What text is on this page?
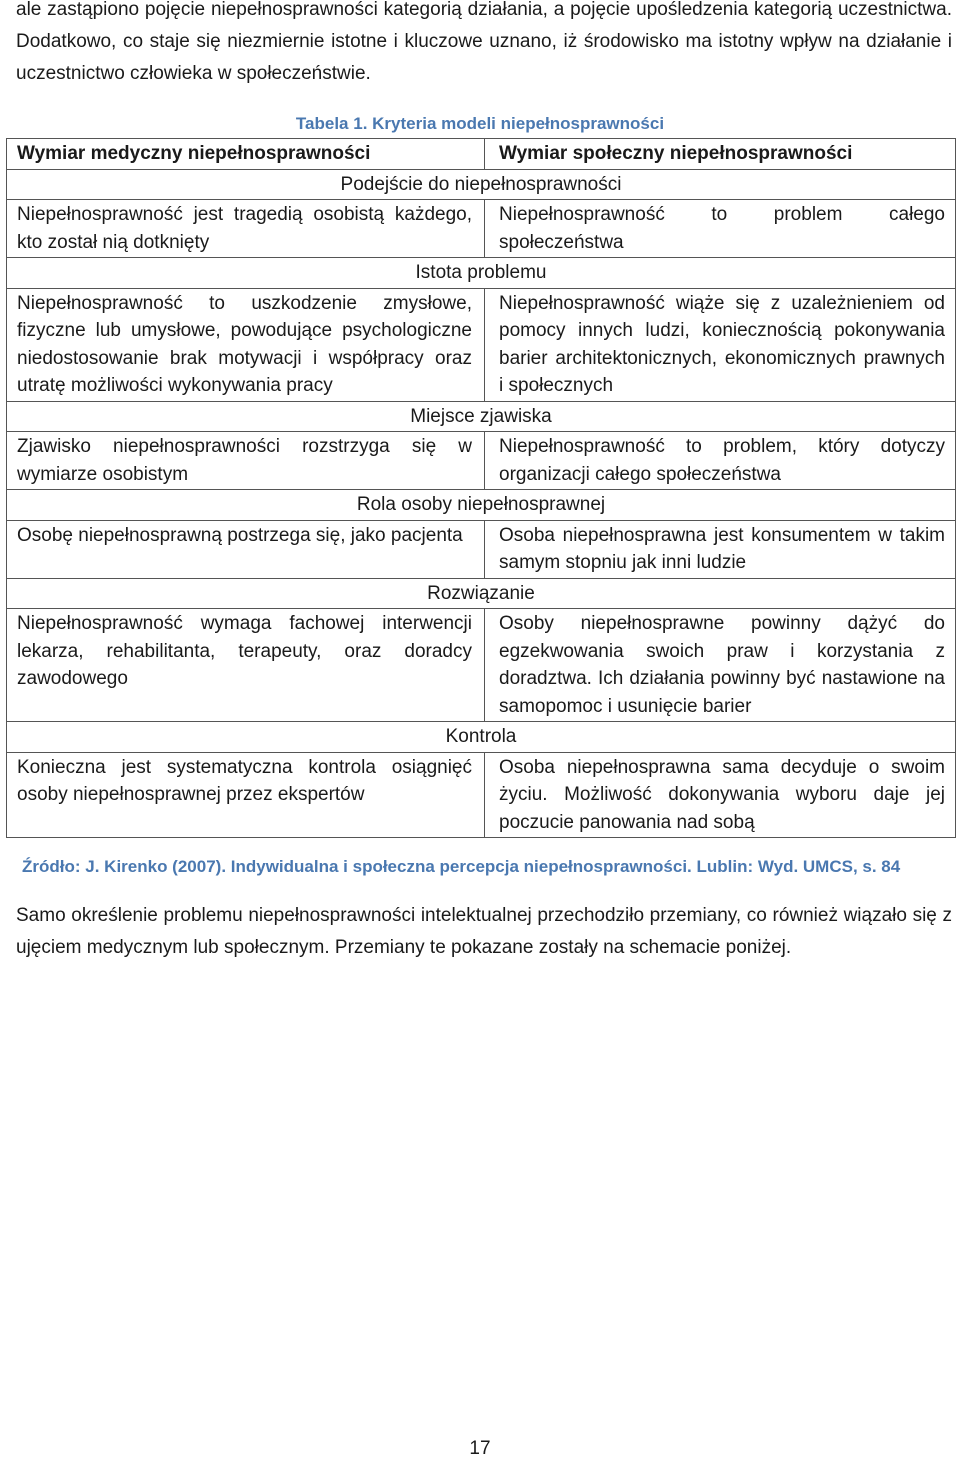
ale zastąpiono pojęcie niepełnosprawności kategorią działania, a pojęcie upośledzenia kategorią uczestnictwa. Dodatkowo, co staje się niezmiernie istotne i kluczowe uznano, iż środowisko ma istotny wpływ na działanie i uczestnictwo człowieka w społeczeństwie.

Tabela 1. Kryteria modeli niepełnosprawności

Wymiar medyczny niepełnosprawności	Wymiar społeczny niepełnosprawności
Podejście do niepełnosprawności	
Niepełnosprawność jest tragedią osobistą każdego, kto został nią dotknięty	Niepełnosprawność to problem całego społeczeństwa
Istota problemu	
Niepełnosprawność to uszkodzenie zmysłowe, fizyczne lub umysłowe, powodujące psychologiczne niedostosowanie brak motywacji i współpracy oraz utratę możliwości wykonywania pracy	Niepełnosprawność wiąże się z uzależnieniem od pomocy innych ludzi, koniecznością pokonywania barier architektonicznych, ekonomicznych prawnych i społecznych
Miejsce zjawiska	
Zjawisko niepełnosprawności rozstrzyga się w wymiarze osobistym	Niepełnosprawność to problem, który dotyczy organizacji całego społeczeństwa
Rola osoby niepełnosprawnej	
Osobę niepełnosprawną postrzega się, jako pacjenta	Osoba niepełnosprawna jest konsumentem w takim samym stopniu jak inni ludzie
Rozwiązanie	
Niepełnosprawność wymaga fachowej interwencji lekarza, rehabilitanta, terapeuty, oraz doradcy zawodowego	Osoby niepełnosprawne powinny dążyć do egzekwowania swoich praw i korzystania z doradztwa. Ich działania powinny być nastawione na samopomoc i usunięcie barier
Kontrola	
Konieczna jest systematyczna kontrola osiągnięć osoby niepełnosprawnej przez ekspertów	Osoba niepełnosprawna sama decyduje o swoim życiu. Możliwość dokonywania wyboru daje jej poczucie panowania nad sobą

Źródło: J. Kirenko (2007). Indywidualna i społeczna percepcja niepełnosprawności. Lublin: Wyd. UMCS, s. 84

Samo określenie problemu niepełnosprawności intelektualnej przechodziło przemiany, co również wiązało się z ujęciem medycznym lub społecznym. Przemiany te pokazane zostały na schemacie poniżej.

17
